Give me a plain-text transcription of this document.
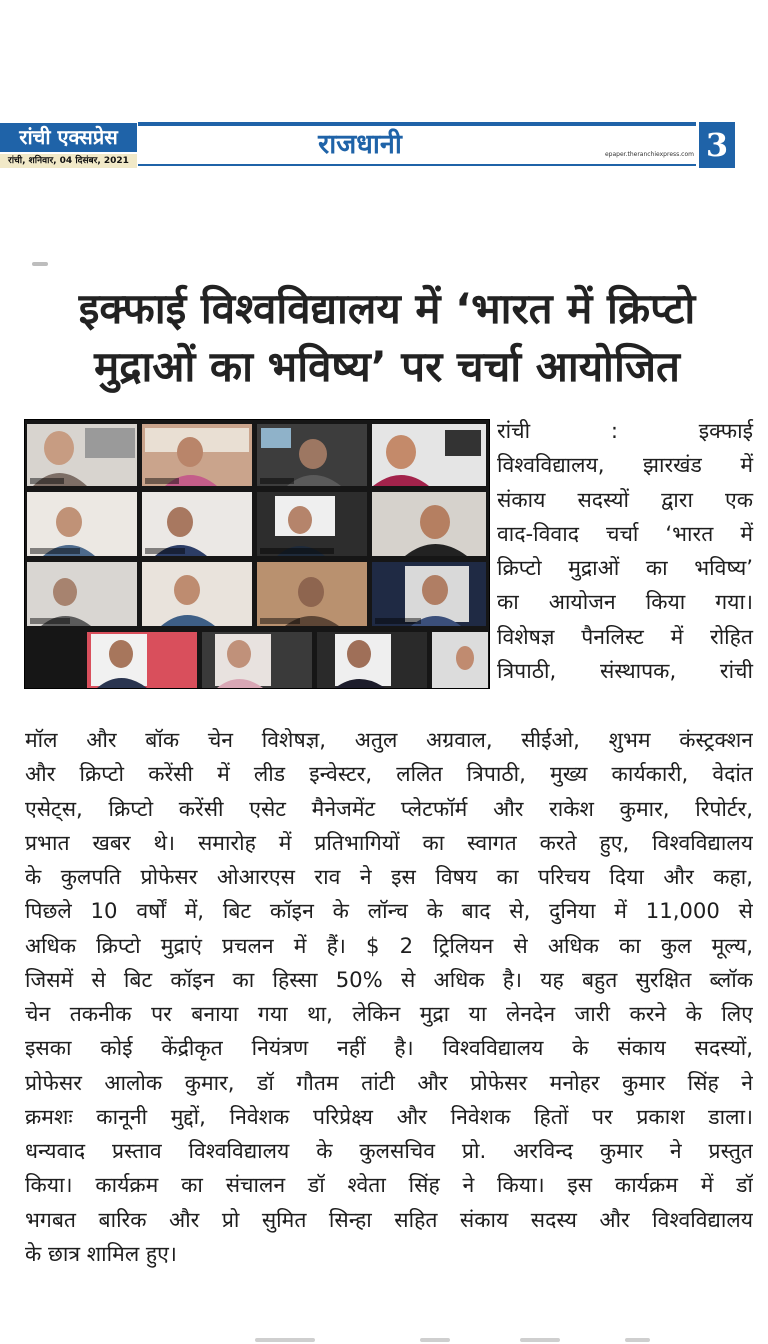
रांची एक्सप्रेस
रांची, शनिवार, 04 दिसंबर, 2021
राजधानी	epaper.theranchiexpress.com 3
इक्फाई विश्वविद्यालय में ‘भारत में क्रिप्टो
मुद्राओं का भविष्य’ पर चर्चा आयोजित
रांची : इक्फाई
विश्वविद्यालय, झारखंड में
संकाय सदस्यों द्वारा एक
वाद-विवाद चर्चा ‘भारत में
क्रिप्टो मुद्राओं का भविष्य’
का आयोजन किया गया।
विशेषज्ञ पैनलिस्ट में रोहित
त्रिपाठी, संस्थापक, रांची
मॉल और बॉक चेन विशेषज्ञ, अतुल अग्रवाल, सीईओ, शुभम कंस्ट्रक्शन
और क्रिप्टो करेंसी में लीड इन्वेस्टर, ललित त्रिपाठी, मुख्य कार्यकारी, वेदांत
एसेट्स, क्रिप्टो करेंसी एसेट मैनेजमेंट प्लेटफॉर्म और राकेश कुमार, रिपोर्टर,
प्रभात खबर थे। समारोह में प्रतिभागियों का स्वागत करते हुए, विश्वविद्यालय
के कुलपति प्रोफेसर ओआरएस राव ने इस विषय का परिचय दिया और कहा,
पिछले 10 वर्षों में, बिट कॉइन के लॉन्च के बाद से, दुनिया में 11,000 से
अधिक क्रिप्टो मुद्राएं प्रचलन में हैं। $ 2 ट्रिलियन से अधिक का कुल मूल्य,
जिसमें से बिट कॉइन का हिस्सा 50% से अधिक है। यह बहुत सुरक्षित ब्लॉक
चेन तकनीक पर बनाया गया था, लेकिन मुद्रा या लेनदेन जारी करने के लिए
इसका कोई केंद्रीकृत नियंत्रण नहीं है। विश्वविद्यालय के संकाय सदस्यों,
प्रोफेसर आलोक कुमार, डॉ गौतम तांटी और प्रोफेसर मनोहर कुमार सिंह ने
क्रमशः कानूनी मुद्दों, निवेशक परिप्रेक्ष्य और निवेशक हितों पर प्रकाश डाला।
धन्यवाद प्रस्ताव विश्वविद्यालय के कुलसचिव प्रो. अरविन्द कुमार ने प्रस्तुत
किया। कार्यक्रम का संचालन डॉ श्वेता सिंह ने किया। इस कार्यक्रम में डॉ
भगबत बारिक और प्रो सुमित सिन्हा सहित संकाय सदस्य और विश्वविद्यालय
के छात्र शामिल हुए।
